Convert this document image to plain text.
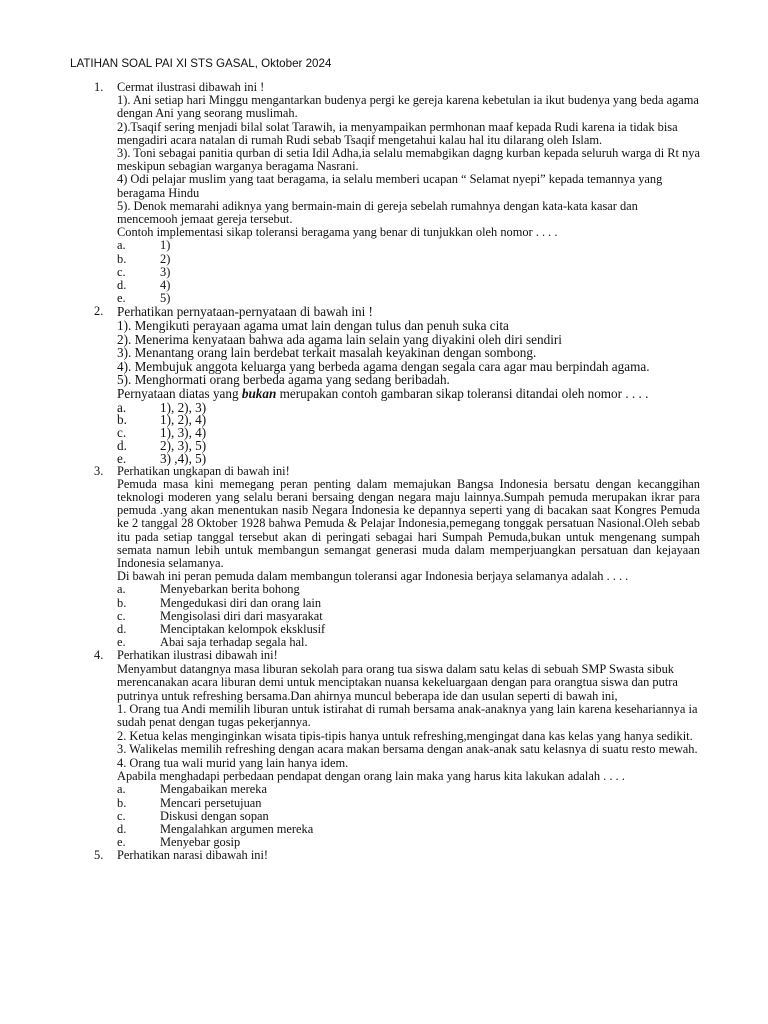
LATIHAN SOAL PAI XI STS GASAL, Oktober 2024
1. Cermat ilustrasi dibawah ini !

1). Ani setiap hari Minggu mengantarkan budenya pergi ke gereja karena kebetulan ia ikut budenya yang beda agama dengan Ani yang seorang muslimah.

2).Tsaqif sering menjadi bilal solat Tarawih, ia menyampaikan permhonan maaf kepada Rudi karena ia tidak bisa mengadiri acara natalan di rumah Rudi sebab Tsaqif mengetahui kalau hal itu dilarang oleh Islam.

3). Toni sebagai panitia qurban di setia Idil Adha,ia selalu memabgikan dagng kurban kepada seluruh warga di Rt nya meskipun sebagian warganya beragama Nasrani.

4) Odi pelajar muslim yang taat beragama, ia selalu memberi ucapan “ Selamat nyepi” kepada temannya yang beragama Hindu

5). Denok memarahi adiknya yang bermain-main di gereja sebelah rumahnya dengan kata-kata kasar dan mencemooh jemaat gereja tersebut.

Contoh implementasi sikap toleransi beragama yang benar di tunjukkan oleh nomor . . . .

a.	1)
b.	2)
c.	3)
d.	4)
e.	5)
2. Perhatikan pernyataan-pernyataan di bawah ini !

1). Mengikuti perayaan agama umat lain dengan tulus dan penuh suka cita

2). Menerima kenyataan bahwa ada agama lain selain yang diyakini oleh diri sendiri

3). Menantang orang lain berdebat terkait masalah keyakinan dengan sombong.

4). Membujuk anggota keluarga yang berbeda agama dengan segala cara agar mau berpindah agama.

5). Menghormati orang berbeda agama yang sedang beribadah.

Pernyataan diatas yang bukan merupakan contoh gambaran sikap toleransi ditandai oleh nomor . . . .

a.	1), 2), 3)
b.	1), 2), 4)
c.	1), 3), 4)
d.	2), 3), 5)
e.	3) ,4), 5)
3. Perhatikan ungkapan di bawah ini!

Pemuda masa kini memegang peran penting dalam memajukan Bangsa Indonesia bersatu dengan kecanggihan teknologi moderen yang selalu berani bersaing dengan negara maju lainnya.Sumpah pemuda merupakan ikrar para pemuda .yang akan menentukan nasib Negara Indonesia ke depannya seperti yang di bacakan saat Kongres Pemuda ke 2 tanggal 28 Oktober 1928 bahwa Pemuda & Pelajar Indonesia,pemegang tonggak persatuan Nasional.Oleh sebab itu pada setiap tanggal tersebut akan di peringati sebagai hari Sumpah Pemuda,bukan untuk mengenang sumpah semata namun lebih untuk membangun semangat generasi muda dalam memperjuangkan persatuan dan kejayaan Indonesia selamanya.

Di bawah ini peran pemuda dalam membangun toleransi agar Indonesia berjaya selamanya adalah . . . .

a.	Menyebarkan berita bohong
b.	Mengedukasi diri dan orang lain
c.	Mengisolasi diri dari masyarakat
d.	Menciptakan kelompok eksklusif
e.	Abai saja terhadap segala hal.
4. Perhatikan ilustrasi dibawah ini!

Menyambut datangnya masa liburan sekolah para orang tua siswa dalam satu kelas di sebuah SMP Swasta sibuk merencanakan acara liburan demi untuk menciptakan nuansa kekeluargaan dengan para orangtua siswa dan putra putrinya untuk refreshing bersama.Dan ahirnya muncul beberapa ide dan usulan seperti di bawah ini,

1. Orang tua Andi memilih liburan untuk istirahat di rumah bersama anak-anaknya yang lain karena kesehariannya ia sudah penat dengan tugas pekerjannya.

2. Ketua kelas menginginkan wisata tipis-tipis hanya untuk refreshing,mengingat dana kas kelas yang hanya sedikit.

3. Walikelas memilih refreshing dengan acara makan bersama dengan anak-anak satu kelasnya di suatu resto mewah.

4. Orang tua wali murid yang lain hanya idem.

Apabila menghadapi perbedaan pendapat dengan orang lain maka yang harus kita lakukan adalah . . . .

a.	Mengabaikan mereka
b.	Mencari persetujuan
c.	Diskusi dengan sopan
d.	Mengalahkan argumen mereka
e.	Menyebar gosip
5. Perhatikan narasi dibawah ini!
